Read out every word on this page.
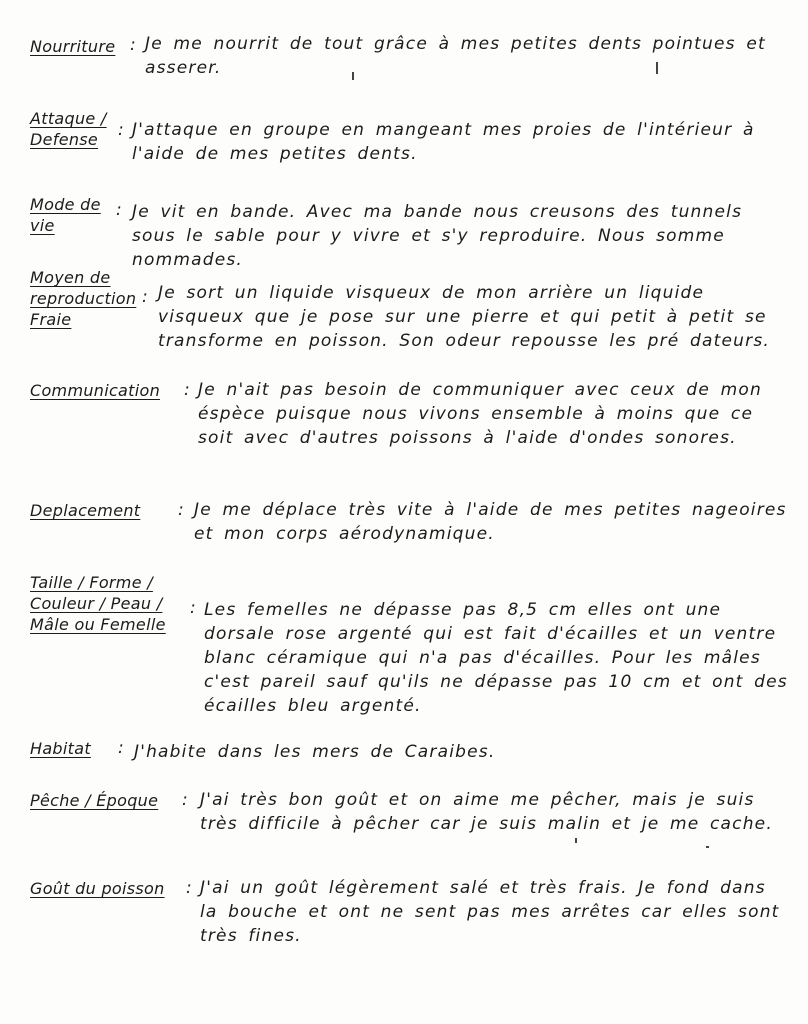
Nourriture : Je me nourrit de tout grâce à mes petites dents pointues et asserer.
Attaque /
Defense	: J'attaque en groupe en mangeant mes proies de l'intérieur à l'aide de mes petites dents.
Mode de
vie
: Je vit en bande. Avec ma bande nous creusons des tunnels sous le sable pour y vivre et s'y reproduire. Nous somme nommades.
Moyen de
reproduction
Fraie
: Je sort un liquide visqueux de mon arrière un liquide visqueux que je pose sur une pierre et qui petit à petit se transforme en poisson. Son odeur repousse les pré dateurs.
Communication : Je n'ait pas besoin de communiquer avec ceux de mon éspèce puisque nous vivons ensemble à moins que ce soit avec d'autres poissons à l'aide d'ondes sonores.
Deplacement : Je me déplace très vite à l'aide de mes petites nageoires et mon corps aérodynamique.
Taille / Forme /
Couleur / Peau /
Mâle ou Femelle
: Les femelles ne dépasse pas 8,5 cm elles ont une dorsale rose argenté qui est fait d'écailles et un ventre blanc céramique qui n'a pas d'écailles. Pour les mâles c'est pareil sauf qu'ils ne dépasse pas 10 cm et ont des écailles bleu argenté.
Habitat : J'habite dans les mers de Caraibes.
Pêche / Époque : J'ai très bon goût et on aime me pêcher, mais je suis très difficile à pêcher car je suis malin et je me cache.
Goût du poisson : J'ai un goût légèrement salé et très frais. Je fond dans la bouche et ont ne sent pas mes arrêtes car elles sont très fines.
